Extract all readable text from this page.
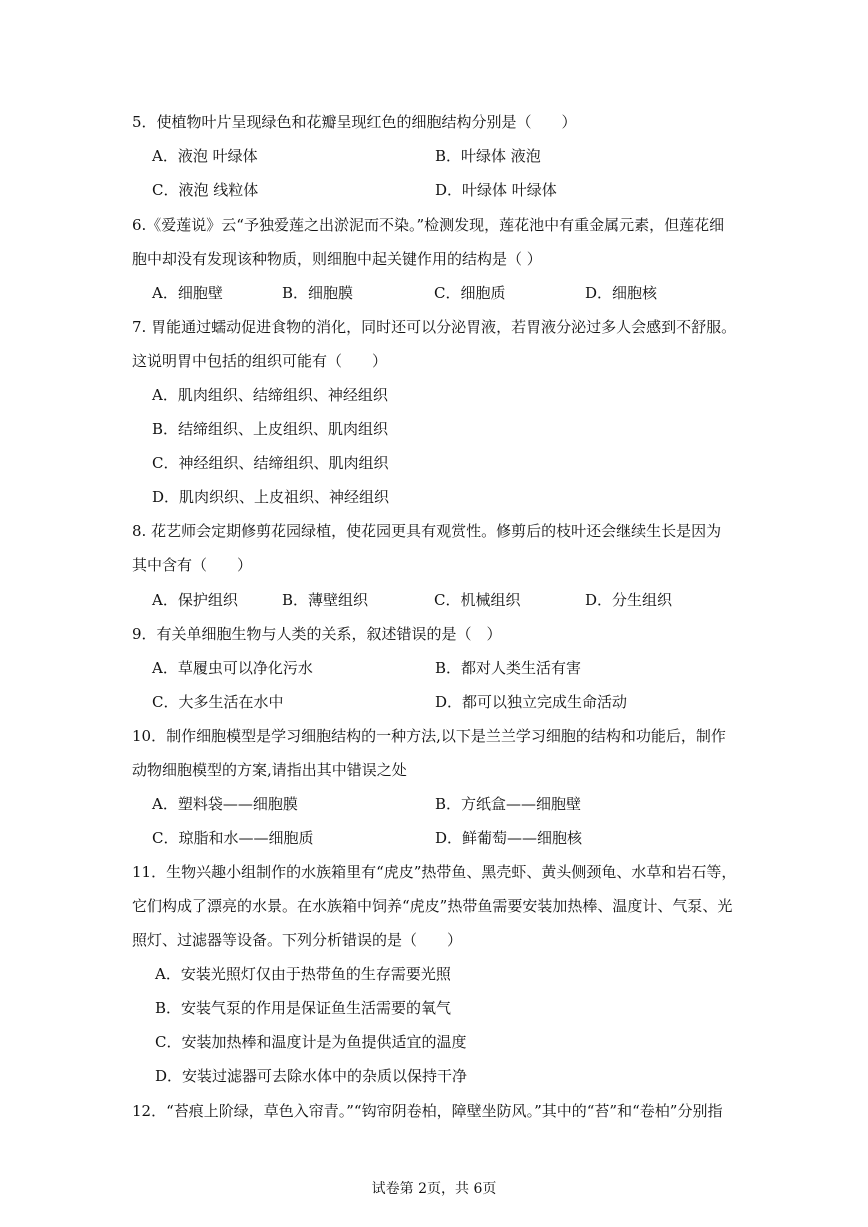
5．使植物叶片呈现绿色和花瓣呈现红色的细胞结构分别是（　　）
A．液泡 叶绿体	B．叶绿体 液泡
C．液泡 线粒体	D．叶绿体 叶绿体
6.《爱莲说》云“予独爱莲之出淤泥而不染。”检测发现，莲花池中有重金属元素，但莲花细
胞中却没有发现该种物质，则细胞中起关键作用的结构是（ ）
A．细胞壁	B．细胞膜	C．细胞质	D．细胞核
7. 胃能通过蠕动促进食物的消化，同时还可以分泌胃液，若胃液分泌过多人会感到不舒服。
这说明胃中包括的组织可能有（　　）
A．肌肉组织、结缔组织、神经组织
B．结缔组织、上皮组织、肌肉组织
C．神经组织、结缔组织、肌肉组织
D．肌肉织织、上皮祖织、神经组织
8. 花艺师会定期修剪花园绿植，使花园更具有观赏性。修剪后的枝叶还会继续生长是因为
其中含有（　　）
A．保护组织	B．薄壁组织	C．机械组织	D．分生组织
9．有关单细胞生物与人类的关系，叙述错误的是（　）
A．草履虫可以净化污水	B．都对人类生活有害
C．大多生活在水中	D．都可以独立完成生命活动
10．制作细胞模型是学习细胞结构的一种方法,以下是兰兰学习细胞的结构和功能后，制作
动物细胞模型的方案,请指出其中错误之处
A．塑料袋——细胞膜	B．方纸盒——细胞壁
C．琼脂和水——细胞质	D．鲜葡萄——细胞核
11．生物兴趣小组制作的水族箱里有“虎皮”热带鱼、黑壳虾、黄头侧颈龟、水草和岩石等，
它们构成了漂亮的水景。在水族箱中饲养“虎皮”热带鱼需要安装加热棒、温度计、气泵、光
照灯、过滤器等设备。下列分析错误的是（　　）
A．安装光照灯仅由于热带鱼的生存需要光照
B．安装气泵的作用是保证鱼生活需要的氧气
C．安装加热棒和温度计是为鱼提供适宜的温度
D．安装过滤器可去除水体中的杂质以保持干净
12．“苔痕上阶绿，草色入帘青。”“钩帘阴卷柏，障壁坐防风。”其中的“苔”和“卷柏”分别指
试卷第 2页，共 6页
